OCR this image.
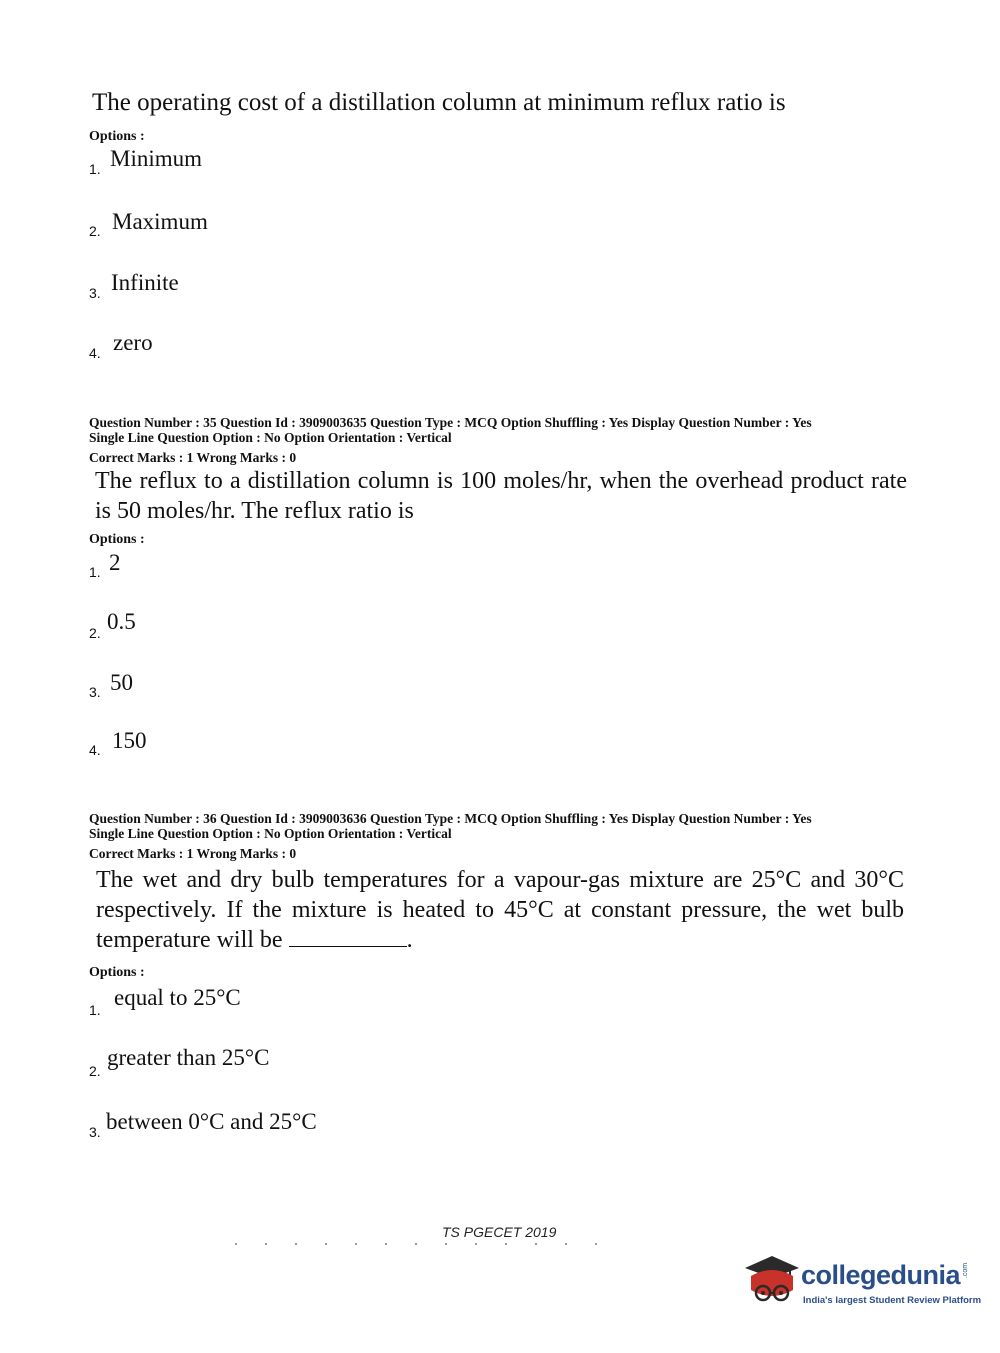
The operating cost of a distillation column at minimum reflux ratio is
Options :
1. Minimum
2. Maximum
3. Infinite
4. zero
Question Number : 35 Question Id : 3909003635 Question Type : MCQ Option Shuffling : Yes Display Question Number : Yes
Single Line Question Option : No Option Orientation : Vertical
Correct Marks : 1 Wrong Marks : 0
The reflux to a distillation column is 100 moles/hr, when the overhead product rate is 50 moles/hr. The reflux ratio is
Options :
1. 2
2. 0.5
3. 50
4. 150
Question Number : 36 Question Id : 3909003636 Question Type : MCQ Option Shuffling : Yes Display Question Number : Yes
Single Line Question Option : No Option Orientation : Vertical
Correct Marks : 1 Wrong Marks : 0
The wet and dry bulb temperatures for a vapour-gas mixture are 25°C and 30°C respectively. If the mixture is heated to 45°C at constant pressure, the wet bulb temperature will be	.
Options :
1. equal to 25°C
2.
greater than 25°C
3. between 0°C and 25°C
TS PGECET 2019
collegedunia .com
India's largest Student Review Platform
